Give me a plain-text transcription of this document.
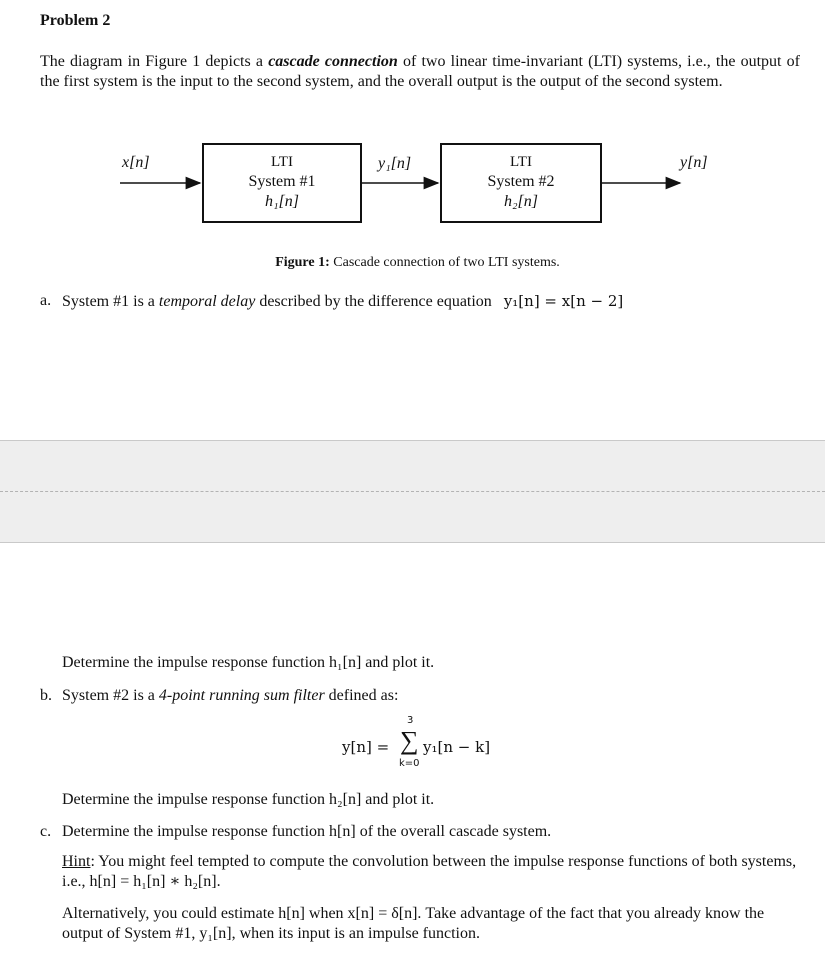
Problem 2
The diagram in Figure 1 depicts a cascade connection of two linear time-invariant (LTI) systems, i.e., the output of the first system is the input to the second system, and the overall output is the output of the second system.
x[n]	y₁[n]	y[n]
LTI
System #1
h₁[n]
LTI
System #2
h₂[n]
Figure 1: Cascade connection of two LTI systems.
a. System #1 is a temporal delay described by the difference equation y₁[n] = x[n − 2]
Determine the impulse response function h₁[n] and plot it.
b. System #2 is a 4-point running sum filter defined as:
y[n] =
3
∑
k=0
y₁[n − k]
Determine the impulse response function h₂[n] and plot it.
c. Determine the impulse response function h[n] of the overall cascade system.
Hint: You might feel tempted to compute the convolution between the impulse response functions of both systems, i.e., h[n] = h₁[n] ∗ h₂[n].
Alternatively, you could estimate h[n] when x[n] = δ[n]. Take advantage of the fact that you already know the output of System #1, y₁[n], when its input is an impulse function.
